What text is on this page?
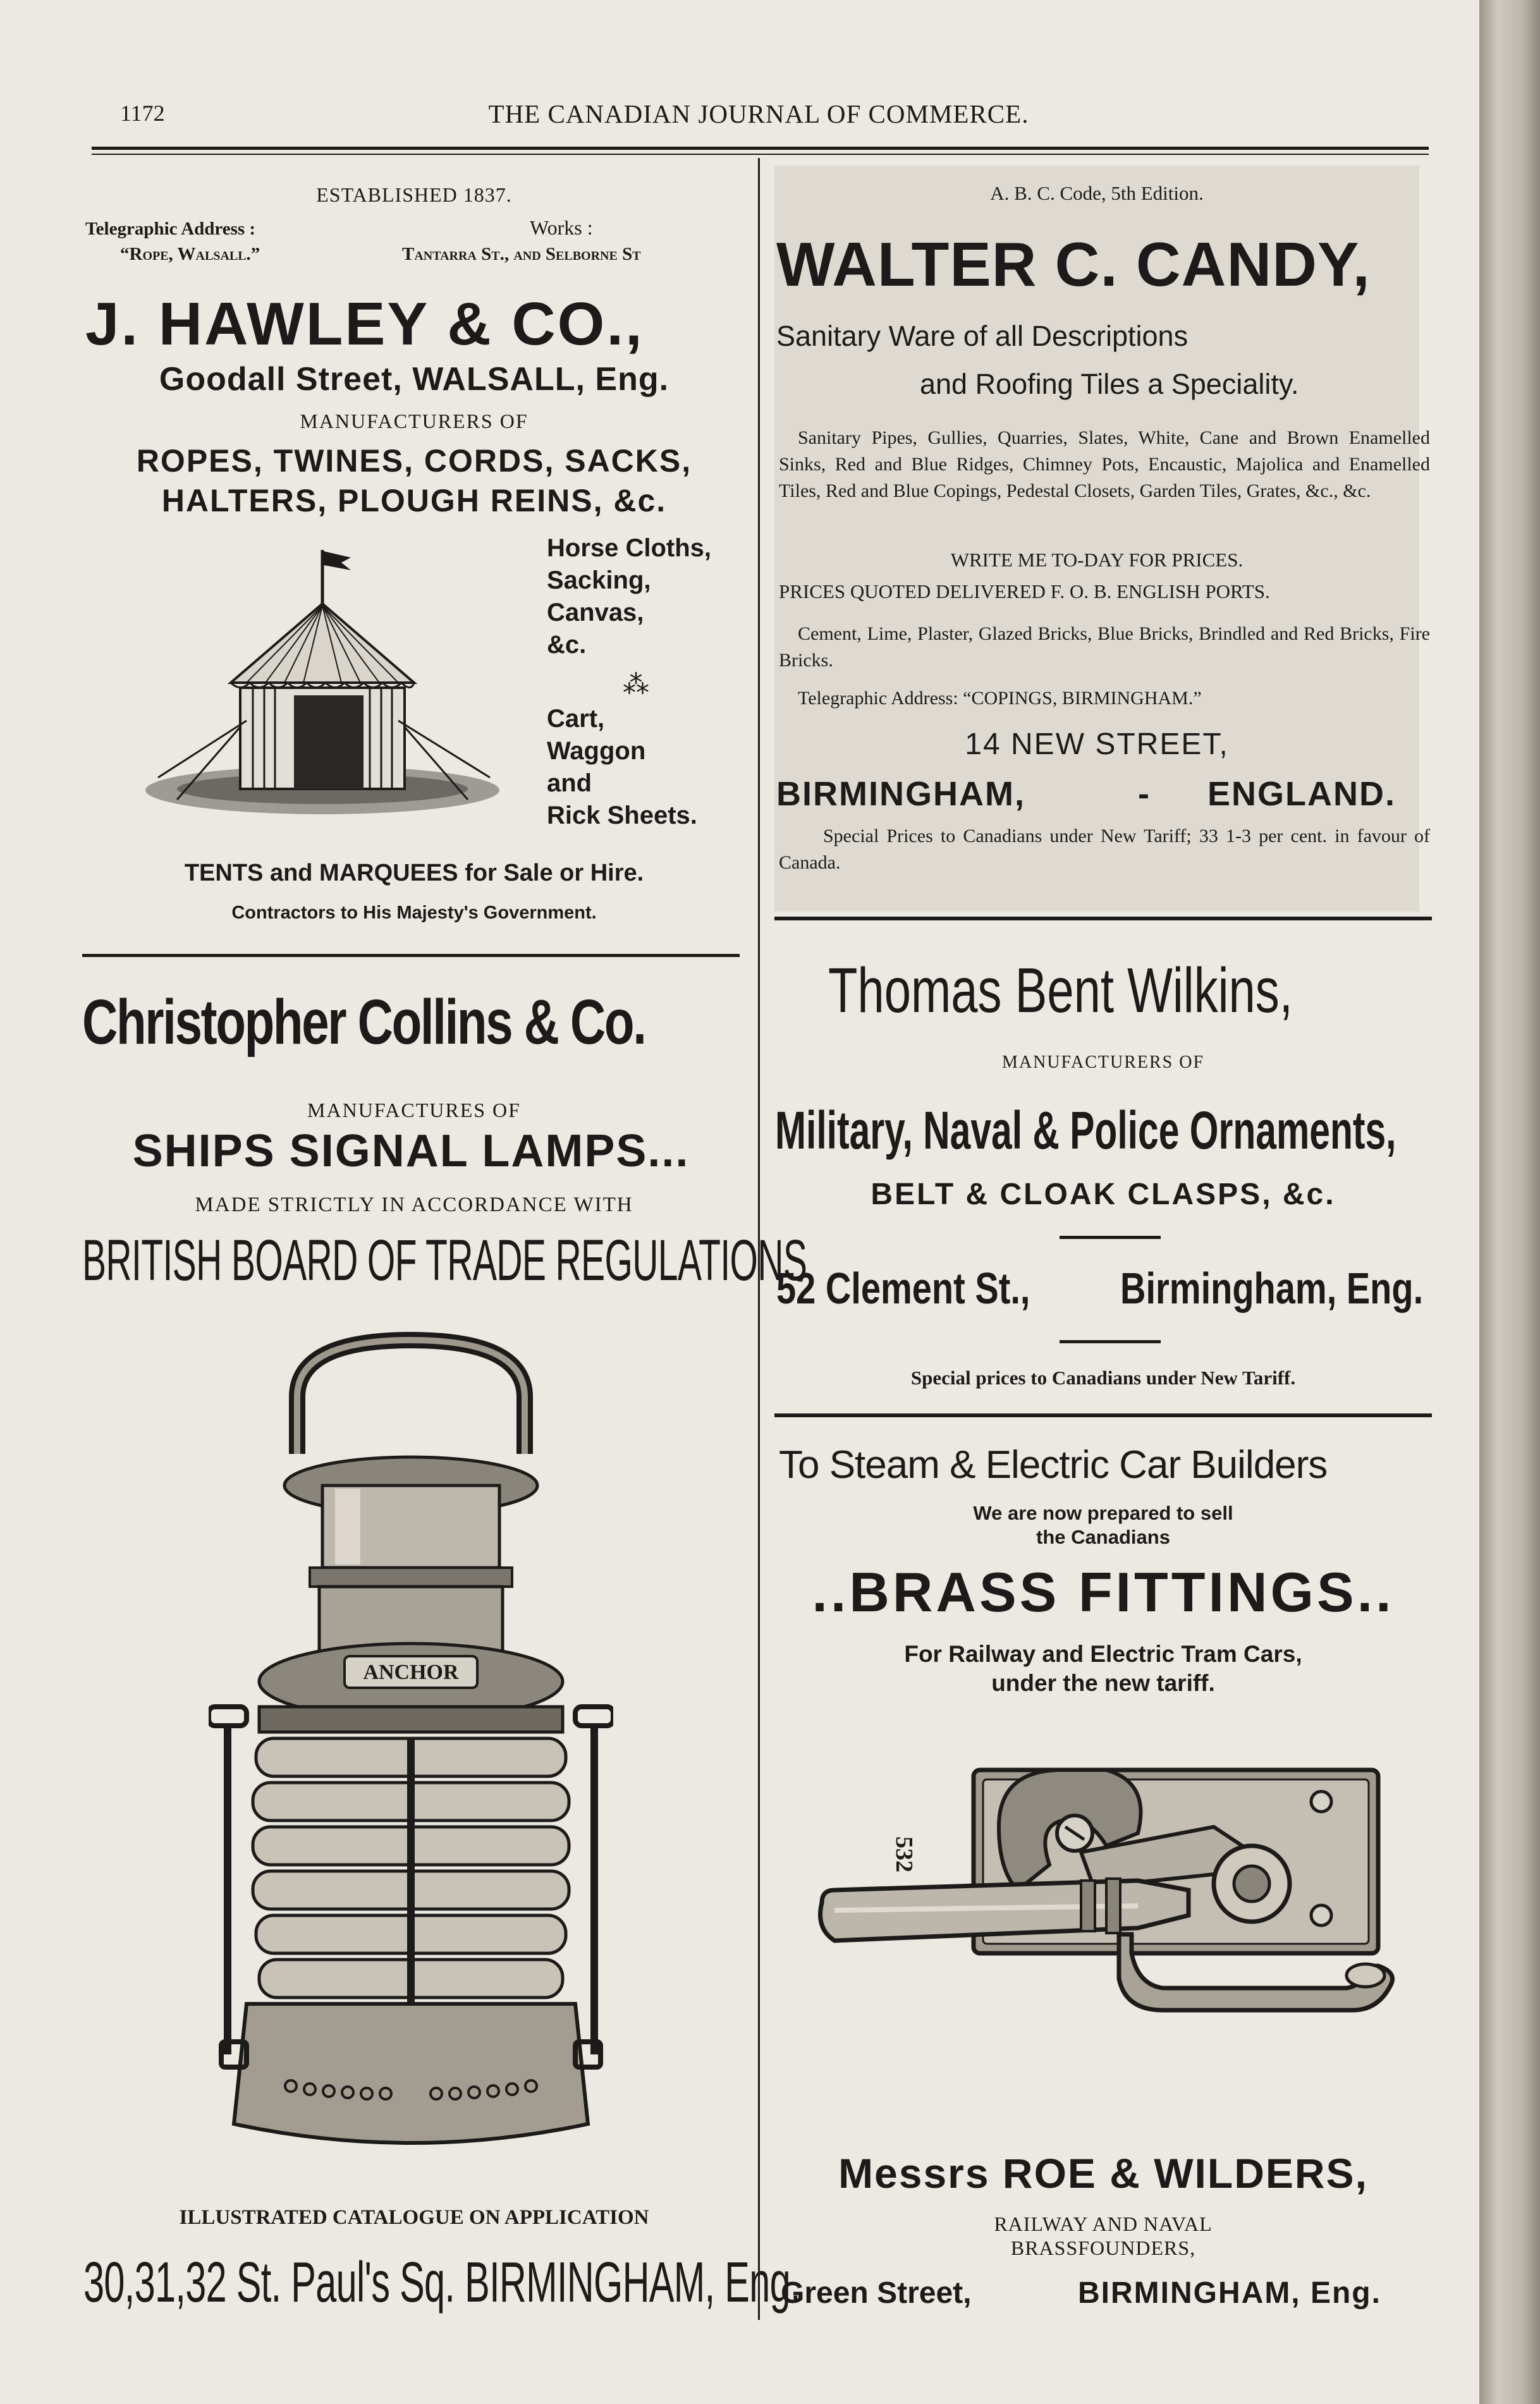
1172	THE CANADIAN JOURNAL OF COMMERCE.
ESTABLISHED 1837.
Telegraphic Address :
“Rope, Walsall.”
Works :
Tantarra St., and Selborne St
J. HAWLEY & CO.,
Goodall Street, WALSALL, Eng.
MANUFACTURERS OF
ROPES, TWINES, CORDS, SACKS,
HALTERS, PLOUGH REINS, &c.
Horse Cloths,
Sacking,
Canvas,
&c.
⁂
Cart,
Waggon
and
Rick Sheets.
TENTS and MARQUEES for Sale or Hire.
Contractors to His Majesty's Government.
Christopher Collins & Co.
MANUFACTURES OF
SHIPS SIGNAL LAMPS...
MADE STRICTLY IN ACCORDANCE WITH
BRITISH BOARD OF TRADE REGULATIONS
ANCHOR
ILLUSTRATED CATALOGUE ON APPLICATION
30,31,32 St. Paul's Sq. BIRMINGHAM, Eng.
A. B. C. Code, 5th Edition.
WALTER C. CANDY,
Sanitary Ware of all Descriptions
and Roofing Tiles a Speciality.

Sanitary Pipes, Gullies, Quarries, Slates, White, Cane and Brown Enamelled Sinks, Red and Blue Ridges, Chimney Pots, Encaustic, Majolica and Enamelled Tiles, Red and Blue Copings, Pedestal Closets, Garden Tiles, Grates, &c., &c.

WRITE ME TO-DAY FOR PRICES.
PRICES QUOTED DELIVERED F. O. B. ENGLISH PORTS.

Cement, Lime, Plaster, Glazed Bricks, Blue Bricks, Brindled and Red Bricks, Fire Bricks.

Telegraphic Address: “COPINGS, BIRMINGHAM.”
14 NEW STREET,
BIRMINGHAM,	- ENGLAND.

Special Prices to Canadians under New Tariff; 33 1-3 per cent. in favour of Canada.

Thomas Bent Wilkins,
MANUFACTURERS OF
Military, Naval & Police Ornaments,
BELT & CLOAK CLASPS, &c.
52 Clement St.,	Birmingham, Eng.
Special prices to Canadians under New Tariff.
To Steam & Electric Car Builders
We are now prepared to sell
the Canadians
..BRASS FITTINGS..
For Railway and Electric Tram Cars,
under the new tariff.
532
Messrs ROE & WILDERS,
RAILWAY AND NAVAL
BRASSFOUNDERS,
Green Street,	BIRMINGHAM, Eng.
